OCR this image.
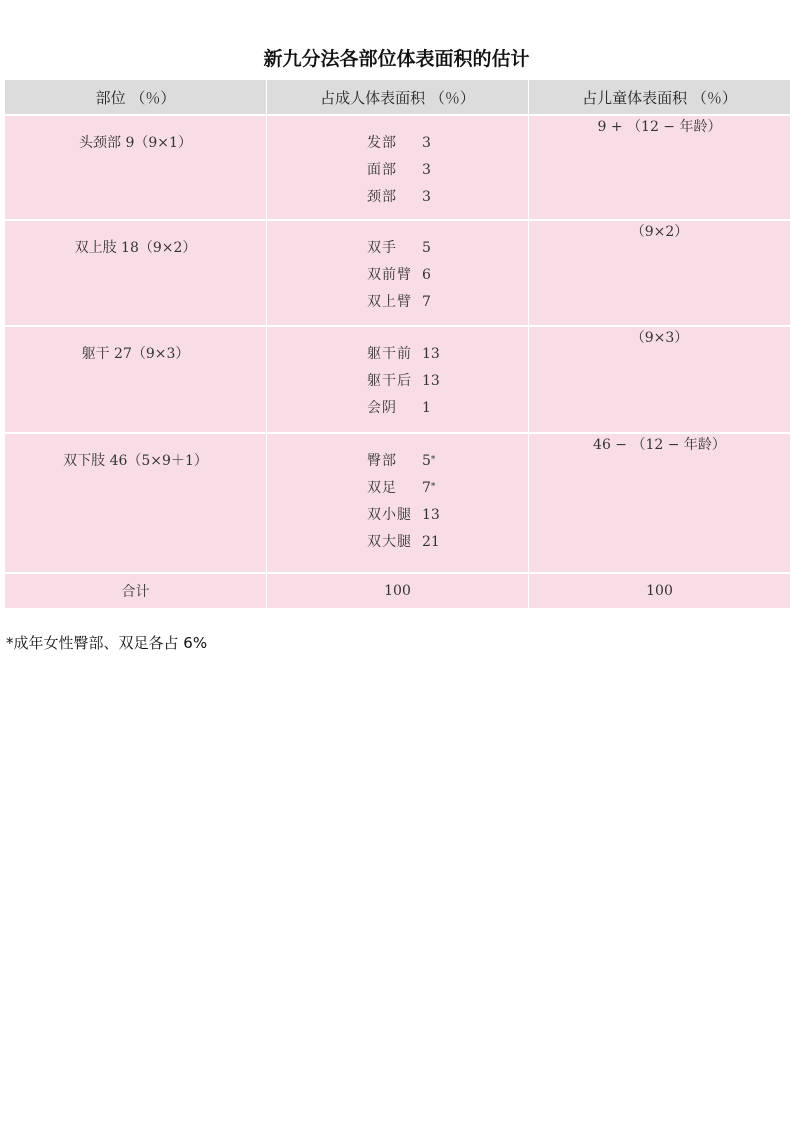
新九分法各部位体表面积的估计
部位 （％）	占成人体表面积 （％）	占儿童体表面积 （％）

头颈部 9（9×1）	发部 3
面部 3
颈部 3	9 + （12 − 年龄）

双上肢 18（9×2）	双手 5
双前臂 6
双上臂 7	（9×2）

躯干 27（9×3）	躯干前 13
躯干后 13
会阴 1	（9×3）

双下肢 46（5×9＋1）	臀部 5*
双足 7*
双小腿 13
双大腿 21	46 − （12 − 年龄）
合计	100	100
*成年女性臀部、双足各占 6%
